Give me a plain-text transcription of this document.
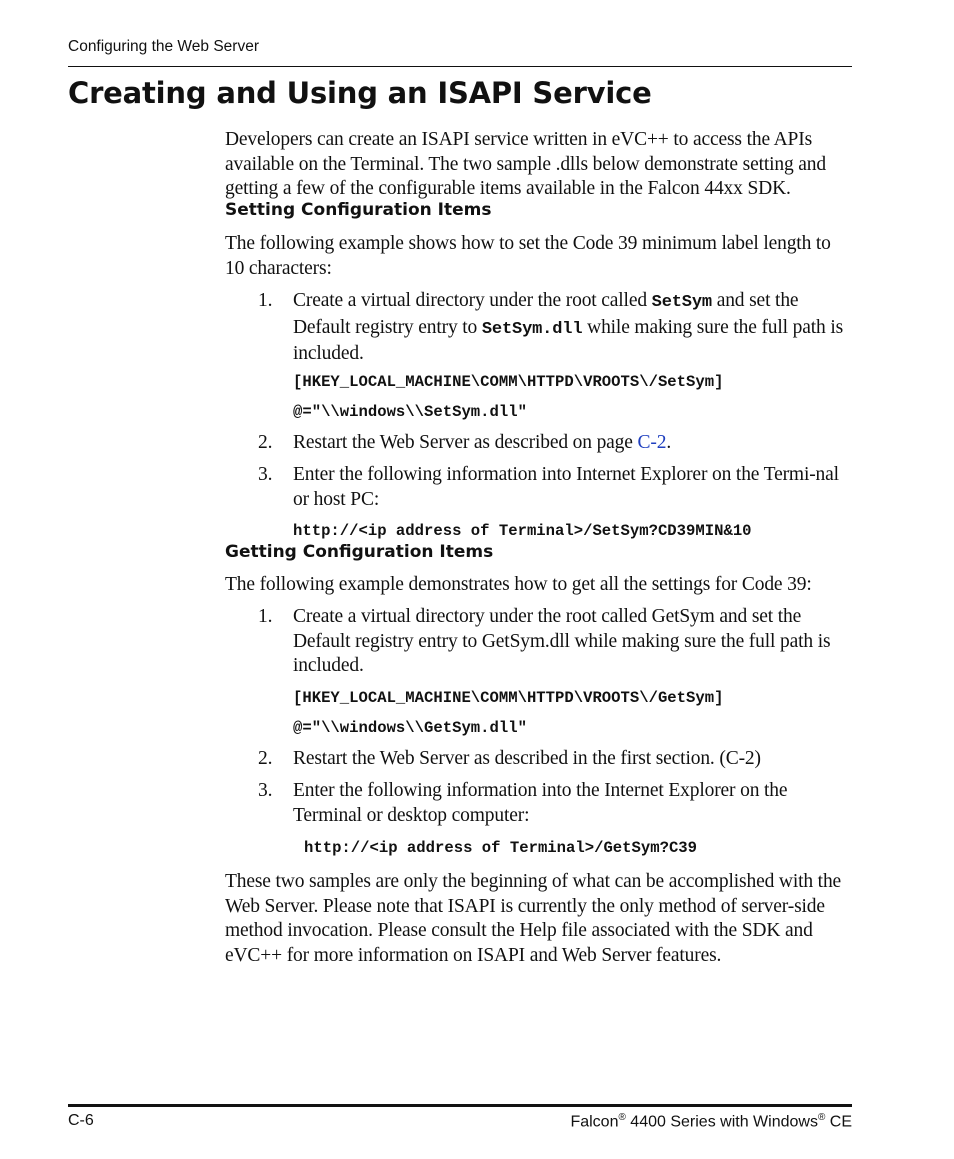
Configuring the Web Server
Creating and Using an ISAPI Service

Developers can create an ISAPI service written in eVC++ to access the APIs available on the Terminal. The two sample .dlls below demonstrate setting and getting a few of the configurable items available in the Falcon 44xx SDK.

Setting Configuration Items

The following example shows how to set the Code 39 minimum label length to 10 characters:

1. Create a virtual directory under the root called SetSym and set the Default registry entry to SetSym.dll while making sure the full path is included.
[HKEY_LOCAL_MACHINE\COMM\HTTPD\VROOTS\/SetSym]
@="\\windows\\SetSym.dll"
2. Restart the Web Server as described on page C-2.
3. Enter the following information into Internet Explorer on the Termi-nal or host PC:
http://<ip address of Terminal>/SetSym?CD39MIN&10
Getting Configuration Items

The following example demonstrates how to get all the settings for Code 39:

1. Create a virtual directory under the root called GetSym and set the Default registry entry to GetSym.dll while making sure the full path is included.
[HKEY_LOCAL_MACHINE\COMM\HTTPD\VROOTS\/GetSym]
@="\\windows\\GetSym.dll"
2. Restart the Web Server as described in the first section. (C-2)
3. Enter the following information into the Internet Explorer on the Terminal or desktop computer:
http://<ip address of Terminal>/GetSym?C39

These two samples are only the beginning of what can be accomplished with the Web Server. Please note that ISAPI is currently the only method of server-side method invocation. Please consult the Help file associated with the SDK and eVC++ for more information on ISAPI and Web Server features.

C-6	Falcon® 4400 Series with Windows® CE
